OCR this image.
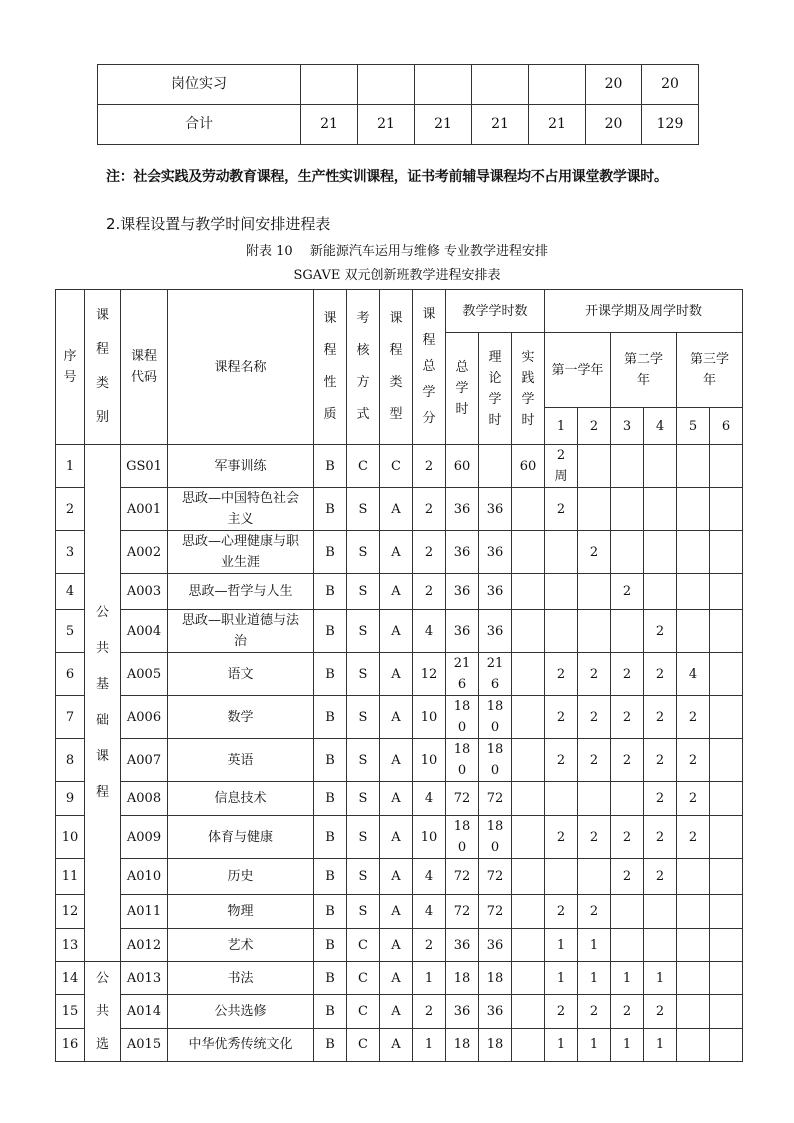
岗位实习						20	20
合计	21	21	21	21	21	20	129
注：社会实践及劳动教育课程，生产性实训课程，证书考前辅导课程均不占用课堂教学课时。
2.课程设置与教学时间安排进程表
附表 10　 新能源汽车运用与维修 专业教学进程安排
SGAVE 双元创新班教学进程安排表
序号	课程类别	课程代码	课程名称	课程性质	考核方式	课程类型	课程总学分	教学学时数			开课学期及周学时数					
								总学时	理论学时	实践学时	第一学年		第二学年		第三学年	
											1	2	3	4	5	6
1	公共基础课程	GS01	军事训练	B	C	C	2	60		60	2周					
2		A001	思政—中国特色社会主义	B	S	A	2	36	36		2					
3		A002	思政—心理健康与职业生涯	B	S	A	2	36	36			2				
4		A003	思政—哲学与人生	B	S	A	2	36	36				2			
5		A004	思政—职业道德与法治	B	S	A	4	36	36					2		
6		A005	语文	B	S	A	12	216	216		2	2	2	2	4	
7		A006	数学	B	S	A	10	180	180		2	2	2	2	2	
8		A007	英语	B	S	A	10	180	180		2	2	2	2	2	
9		A008	信息技术	B	S	A	4	72	72					2	2	
10		A009	体育与健康	B	S	A	10	180	180		2	2	2	2	2	
11		A010	历史	B	S	A	4	72	72				2	2		
12		A011	物理	B	S	A	4	72	72		2	2				
13		A012	艺术	B	C	A	2	36	36		1	1				
14	公共选	A013	书法	B	C	A	1	18	18		1	1	1	1		
15		A014	公共选修	B	C	A	2	36	36		2	2	2	2		
16		A015	中华优秀传统文化	B	C	A	1	18	18		1	1	1	1		
